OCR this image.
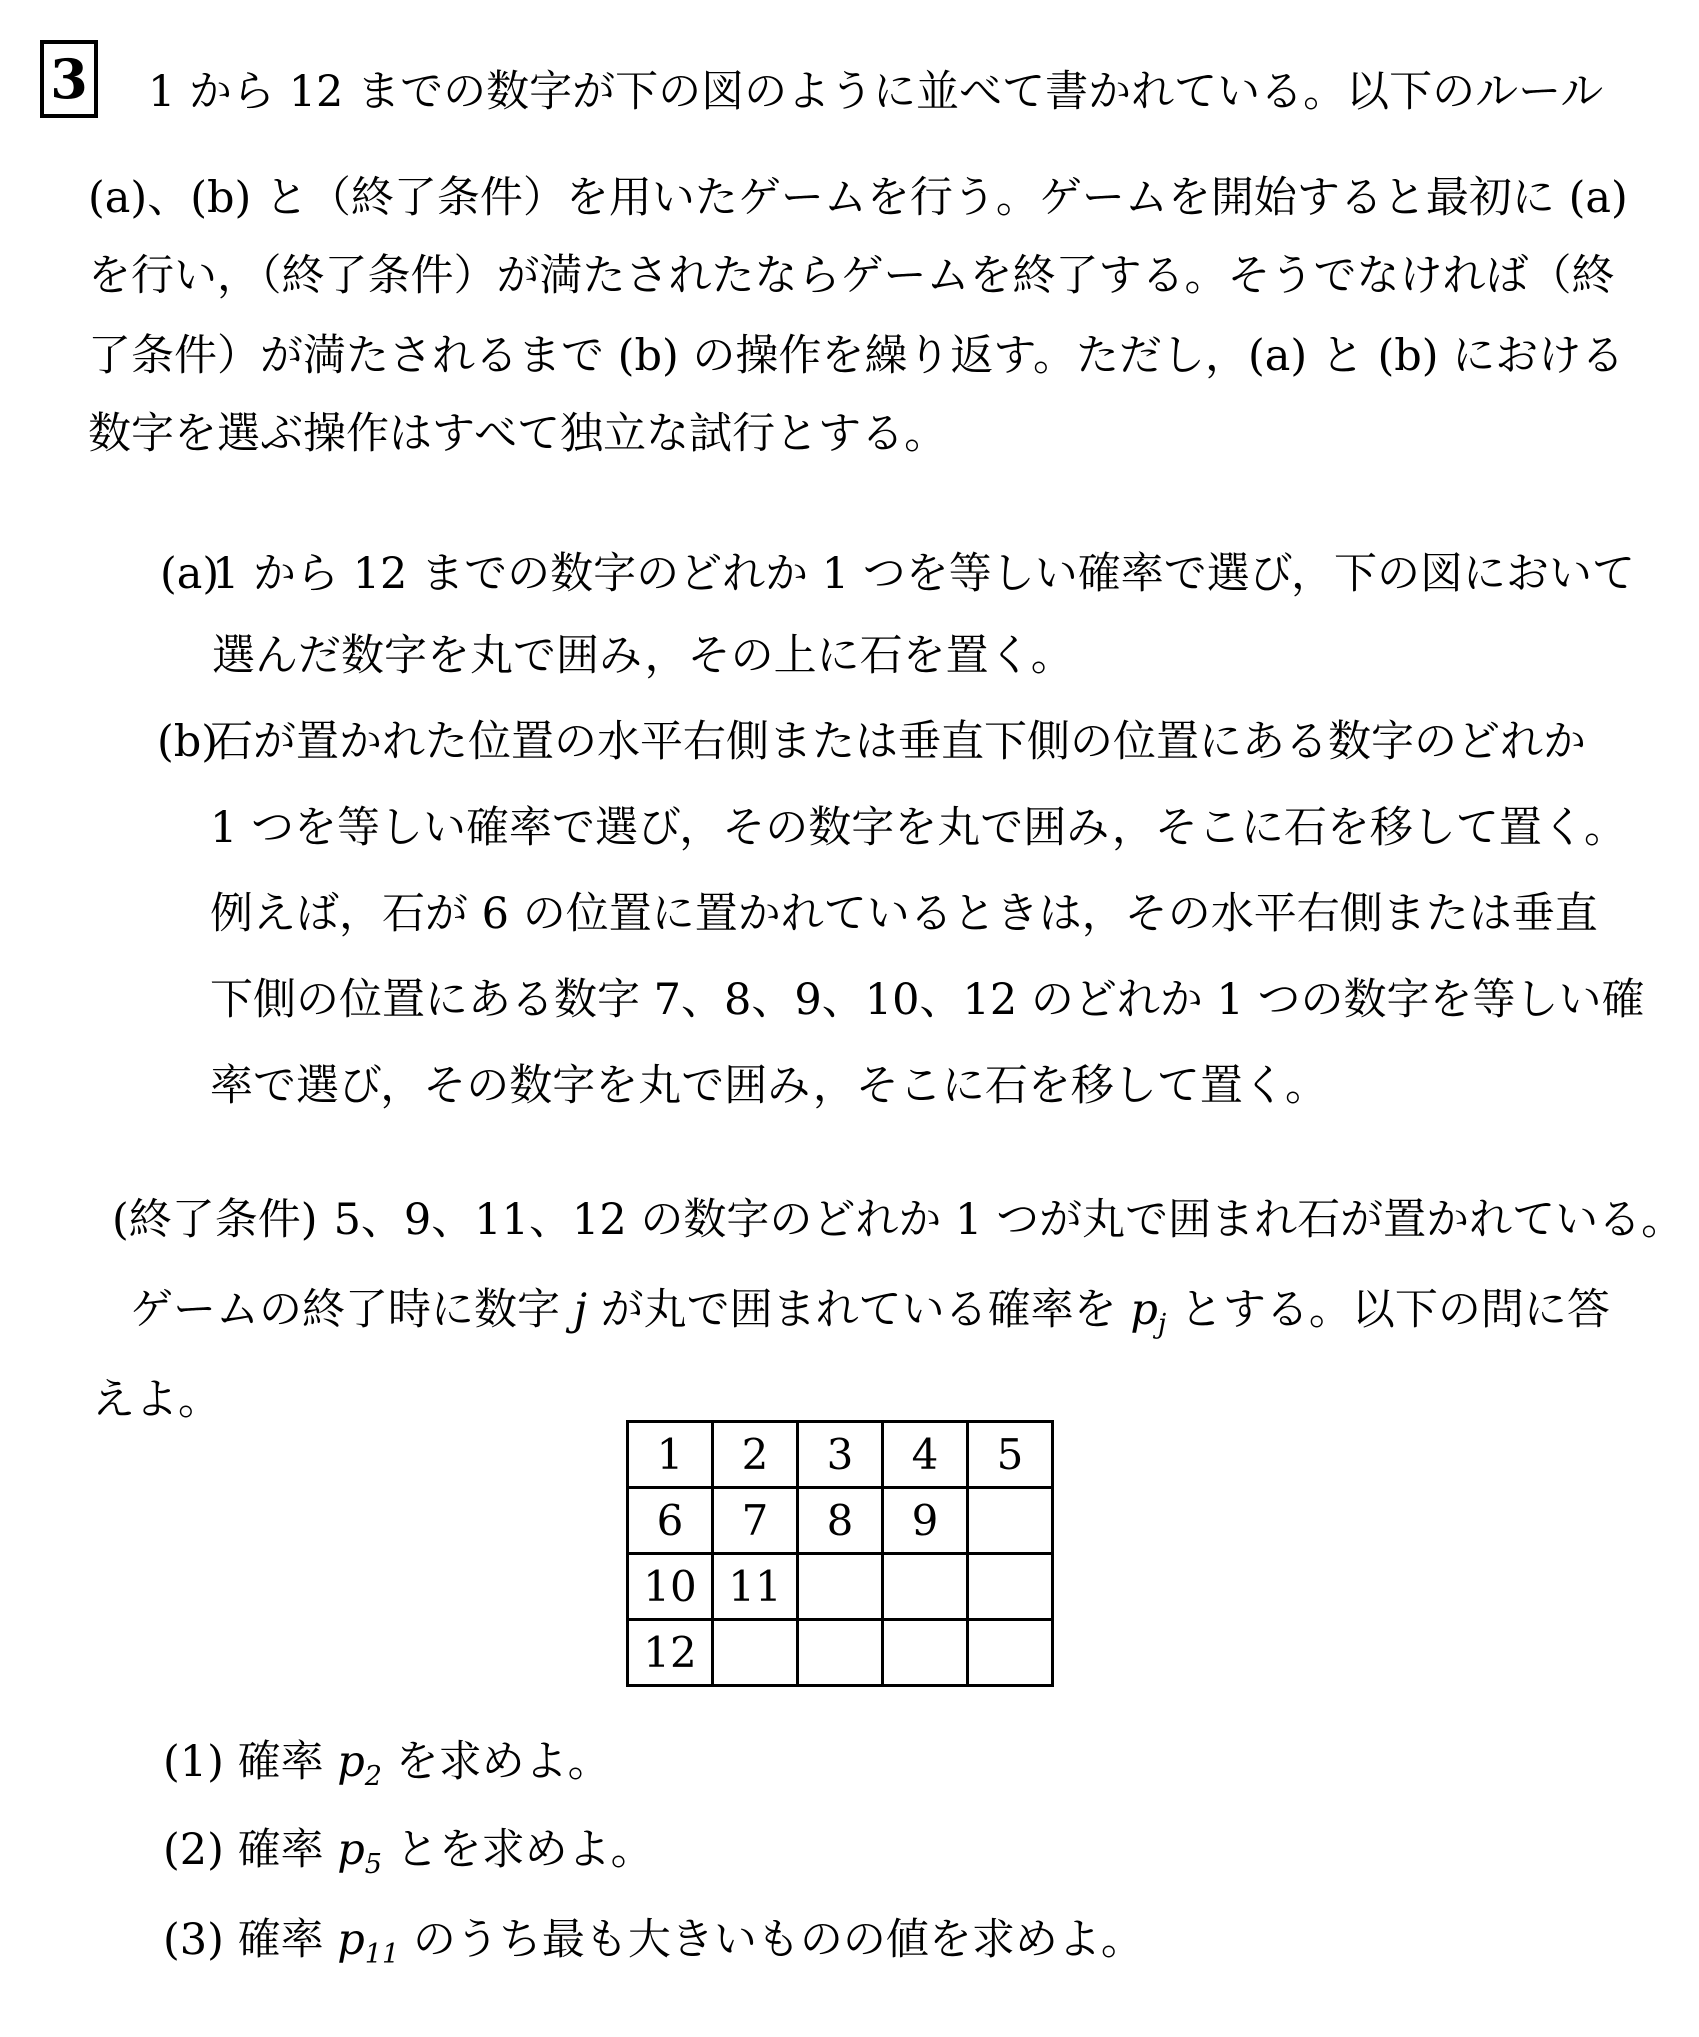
3 1 から 12 までの数字が下の図のように並べて書かれている。以下のルール
(a)、(b) と（終了条件）を用いたゲームを行う。ゲームを開始すると最初に (a)
を行い，（終了条件）が満たされたならゲームを終了する。そうでなければ（終
了条件）が満たされるまで (b) の操作を繰り返す。ただし，(a) と (b) における
数字を選ぶ操作はすべて独立な試行とする。
(a)
1 から 12 までの数字のどれか 1 つを等しい確率で選び，下の図において
選んだ数字を丸で囲み，その上に石を置く。
(b)
石が置かれた位置の水平右側または垂直下側の位置にある数字のどれか
1 つを等しい確率で選び，その数字を丸で囲み，そこに石を移して置く。
例えば，石が 6 の位置に置かれているときは，その水平右側または垂直
下側の位置にある数字 7、8、9、10、12 のどれか 1 つの数字を等しい確
率で選び，その数字を丸で囲み，そこに石を移して置く。
(終了条件) 5、9、11、12 の数字のどれか 1 つが丸で囲まれ石が置かれている。
ゲームの終了時に数字 j が丸で囲まれている確率を $p_j$ とする。以下の問に答
えよ。
1	2	3	4	5
6	7	8	9	
10	11			
12				
(1) 確率 $p_2$ を求めよ。
(2) 確率 $p_5$ とを求めよ。
(3) 確率 $p_{11}$ のうち最も大きいものの値を求めよ。
